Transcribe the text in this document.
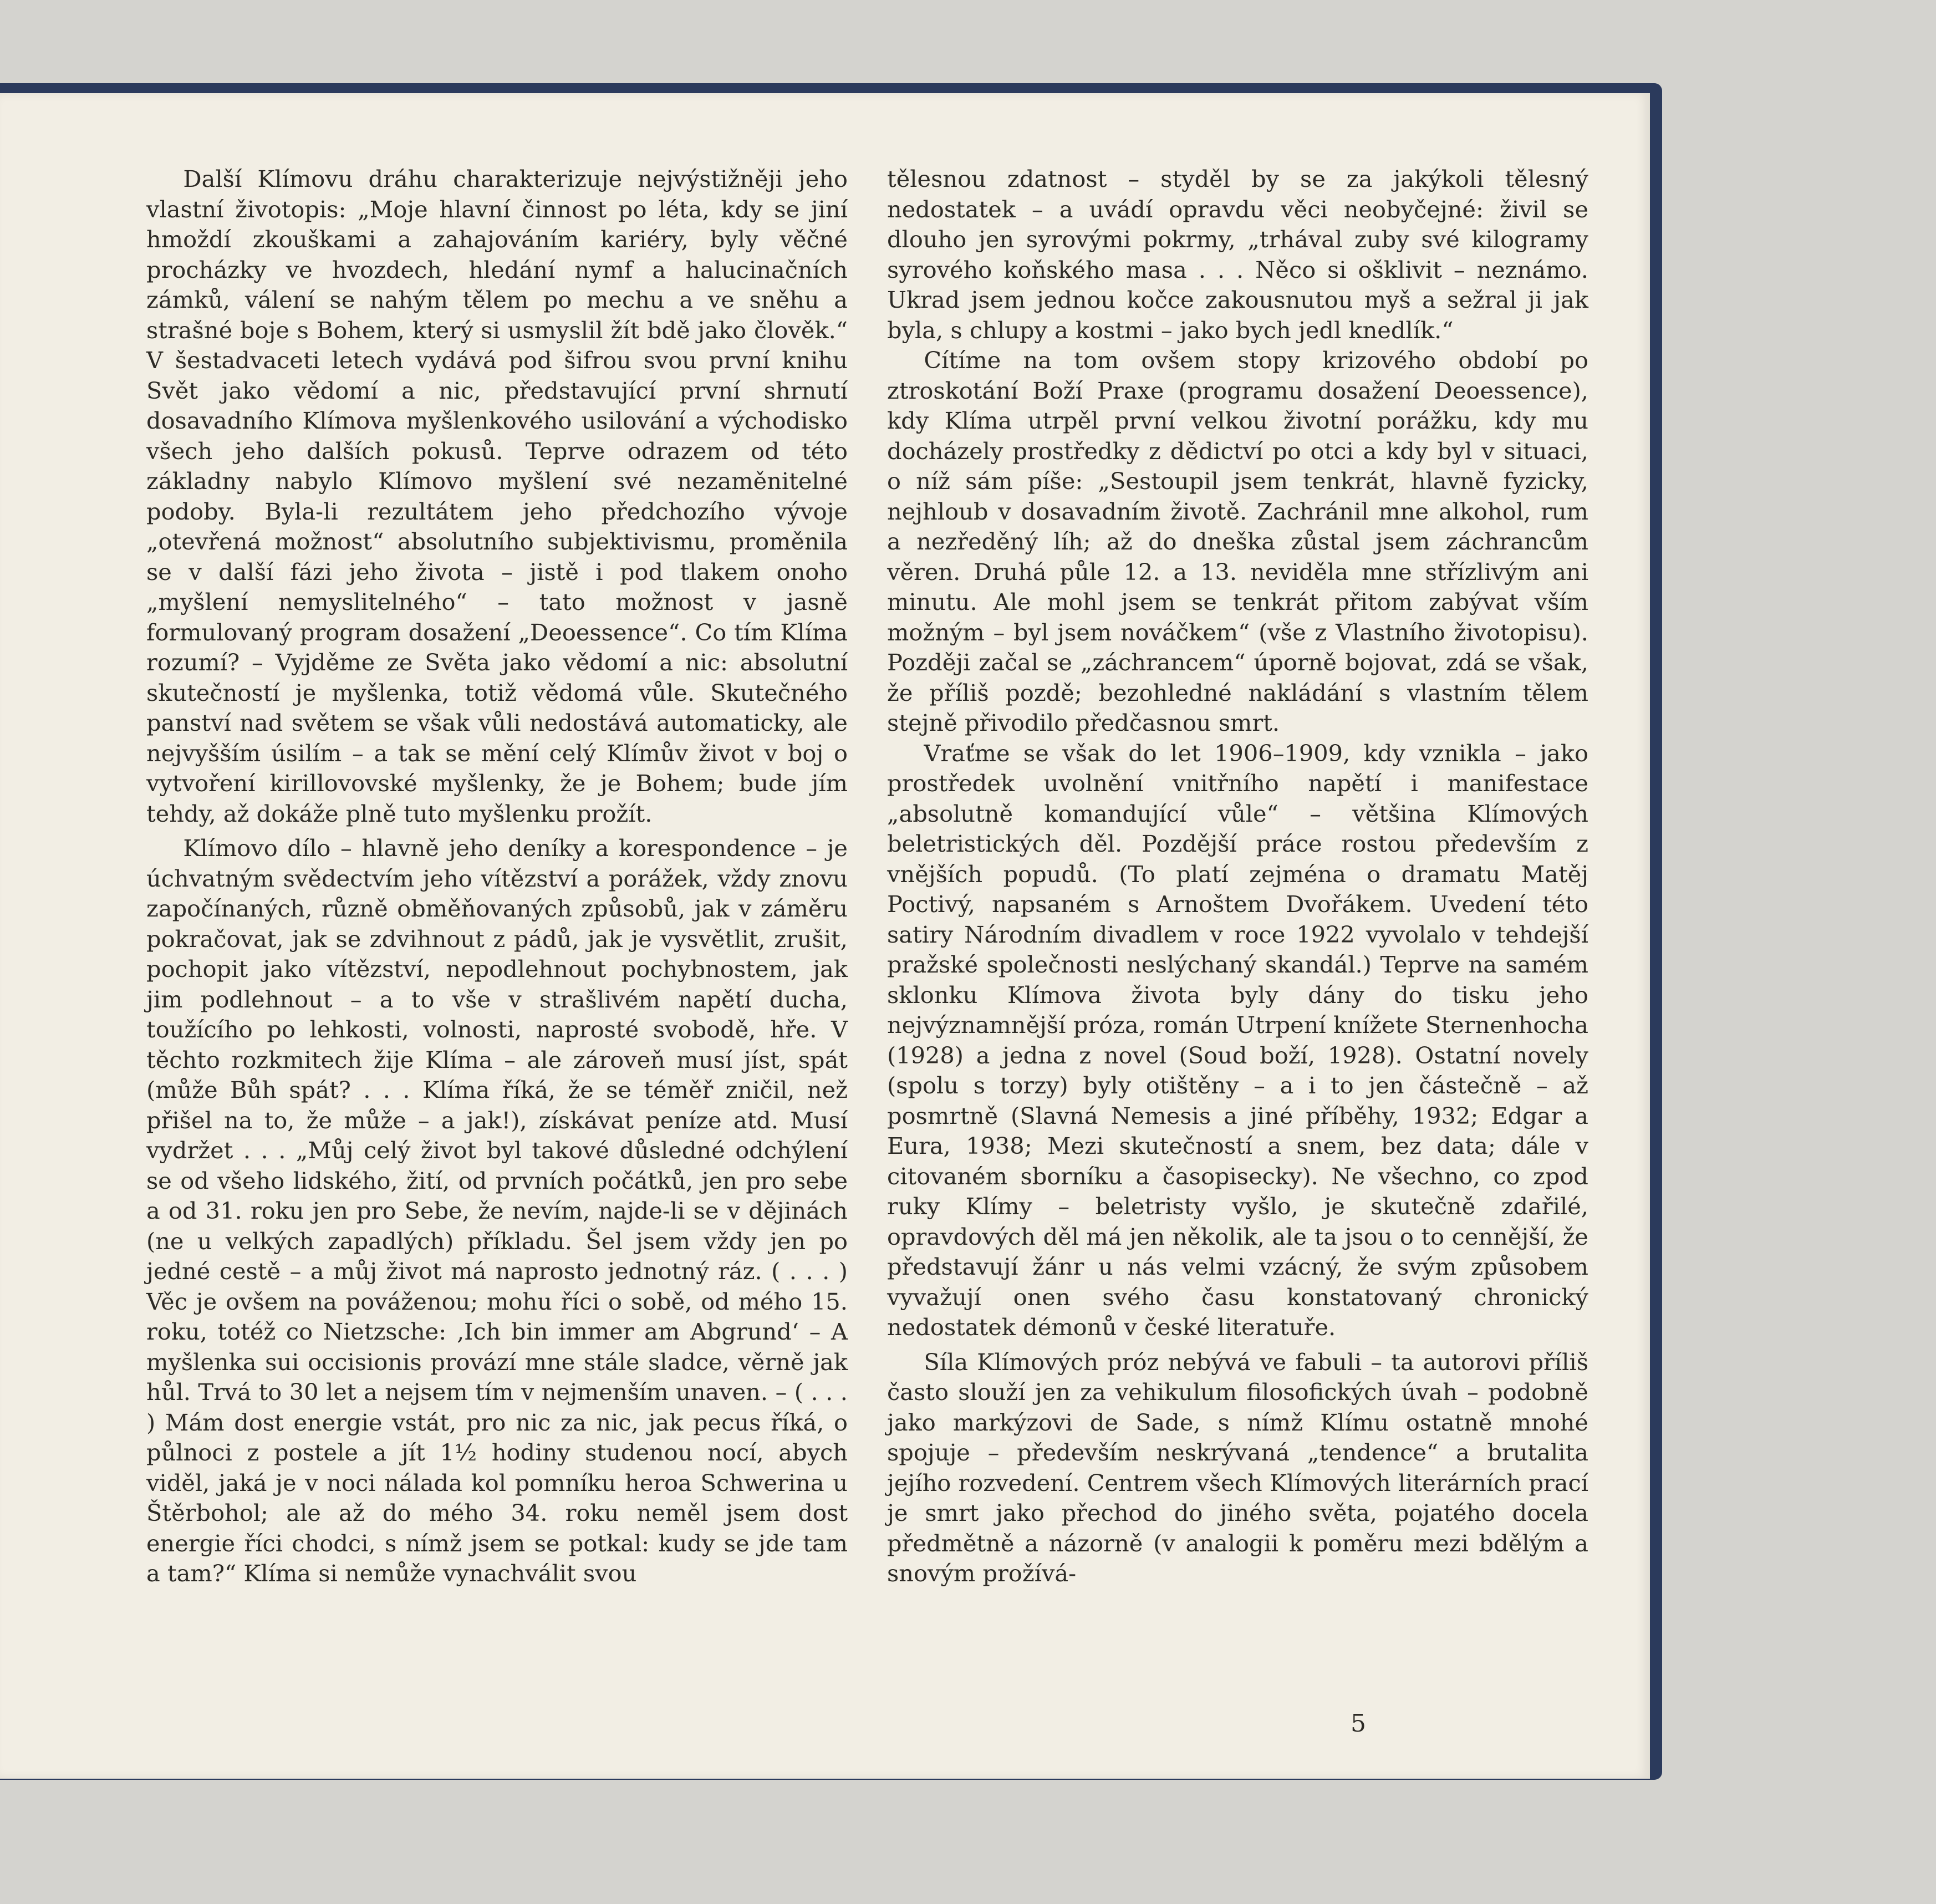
Další Klímovu dráhu charakterizuje nejvýstižněji jeho vlastní životopis: „Moje hlavní činnost po léta, kdy se jiní hmoždí zkouškami a zahajováním kariéry, byly věčné procházky ve hvozdech, hledání nymf a halucinačních zámků, válení se nahým tělem po mechu a ve sněhu a strašné boje s Bohem, který si usmyslil žít bdě jako člověk.“ V šestadvaceti letech vydává pod šifrou svou první knihu Svět jako vědomí a nic, představující první shrnutí dosavadního Klímova myšlenkového usilování a východisko všech jeho dalších pokusů. Teprve odrazem od této základny nabylo Klímovo myšlení své nezaměnitelné podoby. Byla-li rezultátem jeho předchozího vývoje „otevřená možnost“ absolutního subjektivismu, proměnila se v další fázi jeho života – jistě i pod tlakem onoho „myšlení nemyslitelného“ – tato možnost v jasně formulovaný program dosažení „Deoessence“. Co tím Klíma rozumí? – Vyjděme ze Světa jako vědomí a nic: absolutní skutečností je myšlenka, totiž vědomá vůle. Skutečného panství nad světem se však vůli nedostává automaticky, ale nejvyšším úsilím – a tak se mění celý Klímův život v boj o vytvoření kirillovovské myšlenky, že je Bohem; bude jím tehdy, až dokáže plně tuto myšlenku prožít.

Klímovo dílo – hlavně jeho deníky a korespondence – je úchvatným svědectvím jeho vítězství a porážek, vždy znovu započínaných, různě obměňovaných způsobů, jak v záměru pokračovat, jak se zdvihnout z pádů, jak je vysvětlit, zrušit, pochopit jako vítězství, nepodlehnout pochybnostem, jak jim podlehnout – a to vše v strašlivém napětí ducha, toužícího po lehkosti, volnosti, naprosté svobodě, hře. V těchto rozkmitech žije Klíma – ale zároveň musí jíst, spát (může Bůh spát? . . . Klíma říká, že se téměř zničil, než přišel na to, že může – a jak!), získávat peníze atd. Musí vydržet . . . „Můj celý život byl takové důsledné odchýlení se od všeho lidského, žití, od prvních počátků, jen pro sebe a od 31. roku jen pro Sebe, že nevím, najde-li se v dějinách (ne u velkých zapadlých) příkladu. Šel jsem vždy jen po jedné cestě – a můj život má naprosto jednotný ráz. ( . . . ) Věc je ovšem na pováženou; mohu říci o sobě, od mého 15. roku, totéž co Nietzsche: ‚Ich bin immer am Abgrund‘ – A myšlenka sui occisionis provází mne stále sladce, věrně jak hůl. Trvá to 30 let a nejsem tím v nejmenším unaven. – ( . . . ) Mám dost energie vstát, pro nic za nic, jak pecus říká, o půlnoci z postele a jít 1½ hodiny studenou nocí, abych viděl, jaká je v noci nálada kol pomníku heroa Schwerina u Štěrbohol; ale až do mého 34. roku neměl jsem dost energie říci chodci, s nímž jsem se potkal: kudy se jde tam a tam?“ Klíma si nemůže vynachválit svou

tělesnou zdatnost – styděl by se za jakýkoli tělesný nedostatek – a uvádí opravdu věci neobyčejné: živil se dlouho jen syrovými pokrmy, „trhával zuby své kilogramy syrového koňského masa . . . Něco si ošklivit – neznámo. Ukrad jsem jednou kočce zakousnutou myš a sežral ji jak byla, s chlupy a kostmi – jako bych jedl knedlík.“

Cítíme na tom ovšem stopy krizového období po ztroskotání Boží Praxe (programu dosažení Deoessence), kdy Klíma utrpěl první velkou životní porážku, kdy mu docházely prostředky z dědictví po otci a kdy byl v situaci, o níž sám píše: „Sestoupil jsem tenkrát, hlavně fyzicky, nejhloub v dosavadním životě. Zachránil mne alkohol, rum a nezředěný líh; až do dneška zůstal jsem záchrancům věren. Druhá půle 12. a 13. neviděla mne střízlivým ani minutu. Ale mohl jsem se tenkrát přitom zabývat vším možným – byl jsem nováčkem“ (vše z Vlastního životopisu). Později začal se „záchrancem“ úporně bojovat, zdá se však, že příliš pozdě; bezohledné nakládání s vlastním tělem stejně přivodilo předčasnou smrt.

Vraťme se však do let 1906–1909, kdy vznikla – jako prostředek uvolnění vnitřního napětí i manifestace „absolutně komandující vůle“ – většina Klímových beletristických děl. Pozdější práce rostou především z vnějších popudů. (To platí zejména o dramatu Matěj Poctivý, napsaném s Arnoštem Dvořákem. Uvedení této satiry Národním divadlem v roce 1922 vyvolalo v tehdejší pražské společnosti neslýchaný skandál.) Teprve na samém sklonku Klímova života byly dány do tisku jeho nejvýznamnější próza, román Utrpení knížete Sternenhocha (1928) a jedna z novel (Soud boží, 1928). Ostatní novely (spolu s torzy) byly otištěny – a i to jen částečně – až posmrtně (Slavná Nemesis a jiné příběhy, 1932; Edgar a Eura, 1938; Mezi skutečností a snem, bez data; dále v citovaném sborníku a časopisecky). Ne všechno, co zpod ruky Klímy – beletristy vyšlo, je skutečně zdařilé, opravdových děl má jen několik, ale ta jsou o to cennější, že představují žánr u nás velmi vzácný, že svým způsobem vyvažují onen svého času konstatovaný chronický nedostatek démonů v české literatuře.

Síla Klímových próz nebývá ve fabuli – ta autorovi příliš často slouží jen za vehikulum filosofických úvah – podobně jako markýzovi de Sade, s nímž Klímu ostatně mnohé spojuje – především neskrývaná „tendence“ a brutalita jejího rozvedení. Centrem všech Klímových literárních prací je smrt jako přechod do jiného světa, pojatého docela předmětně a názorně (v analogii k poměru mezi bdělým a snovým prožívá-

5
